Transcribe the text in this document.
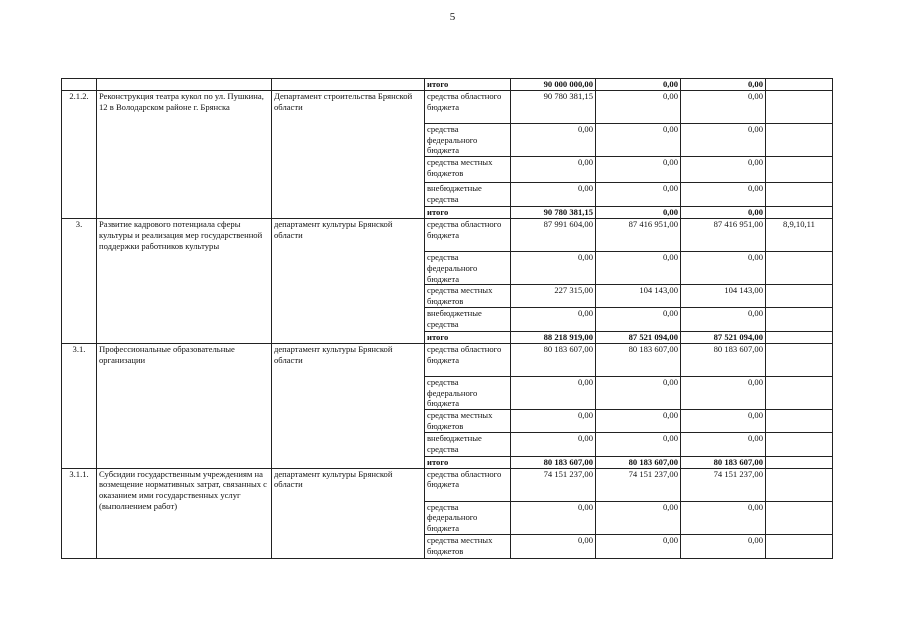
5
			итого	90 000 000,00	0,00	0,00	
2.1.2.	Реконструкция театра кукол по ул. Пушкина, 12 в Володарском районе г. Брянска	Департамент строительства Брянской области	средства областного бюджета	90 780 381,15	0,00	0,00	
			средства федерального бюджета	0,00	0,00	0,00	
			средства местных бюджетов	0,00	0,00	0,00	
			внебюджетные средства	0,00	0,00	0,00	
			итого	90 780 381,15	0,00	0,00	
3.	Развитие кадрового потенциала сферы культуры и реализация мер государственной поддержки работников культуры	департамент культуры Брянской области	средства областного бюджета	87 991 604,00	87 416 951,00	87 416 951,00	8,9,10,11
			средства федерального бюджета	0,00	0,00	0,00	
			средства местных бюджетов	227 315,00	104 143,00	104 143,00	
			внебюджетные средства	0,00	0,00	0,00	
			итого	88 218 919,00	87 521 094,00	87 521 094,00	
3.1.	Профессиональные образовательные организации	департамент культуры Брянской области	средства областного бюджета	80 183 607,00	80 183 607,00	80 183 607,00	
			средства федерального бюджета	0,00	0,00	0,00	
			средства местных бюджетов	0,00	0,00	0,00	
			внебюджетные средства	0,00	0,00	0,00	
			итого	80 183 607,00	80 183 607,00	80 183 607,00	
3.1.1.	Субсидии государственным учреждениям на возмещение нормативных затрат, связанных с оказанием ими государственных услуг (выполнением работ)	департамент культуры Брянской области	средства областного бюджета	74 151 237,00	74 151 237,00	74 151 237,00	
			средства федерального бюджета	0,00	0,00	0,00	
			средства местных бюджетов	0,00	0,00	0,00	
